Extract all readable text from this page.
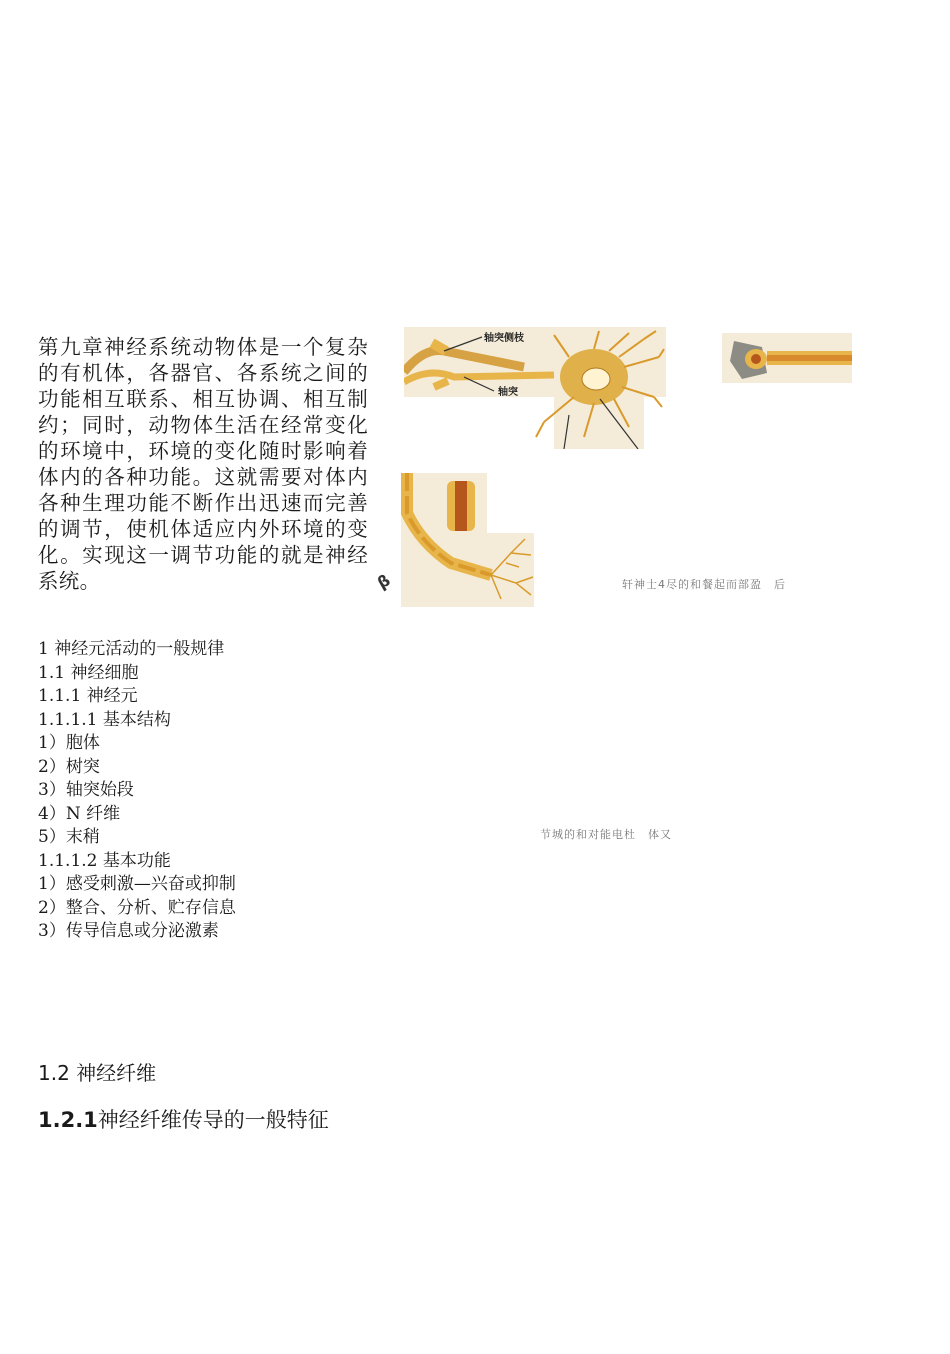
第九章神经系统动物体是一个复杂的有机体，各器官、各系统之间的功能相互联系、相互协调、相互制约；同时，动物体生活在经常变化的环境中，环境的变化随时影响着体内的各种功能。这就需要对体内各种生理功能不断作出迅速而完善的调节，使机体适应内外环境的变化。实现这一调节功能的就是神经系统。
轴突侧枝
轴突
β	轩神士4尽的和餐起而部盈　后
节城的和对能电杜　体又
1 神经元活动的一般规律
1.1 神经细胞
1.1.1 神经元
1.1.1.1 基本结构
1）胞体
2）树突
3）轴突始段
4）N 纤维
5）末稍
1.1.1.2 基本功能
1）感受刺激—兴奋或抑制
2）整合、分析、贮存信息
3）传导信息或分泌激素
1.2 神经纤维
1.2.1神经纤维传导的一般特征
